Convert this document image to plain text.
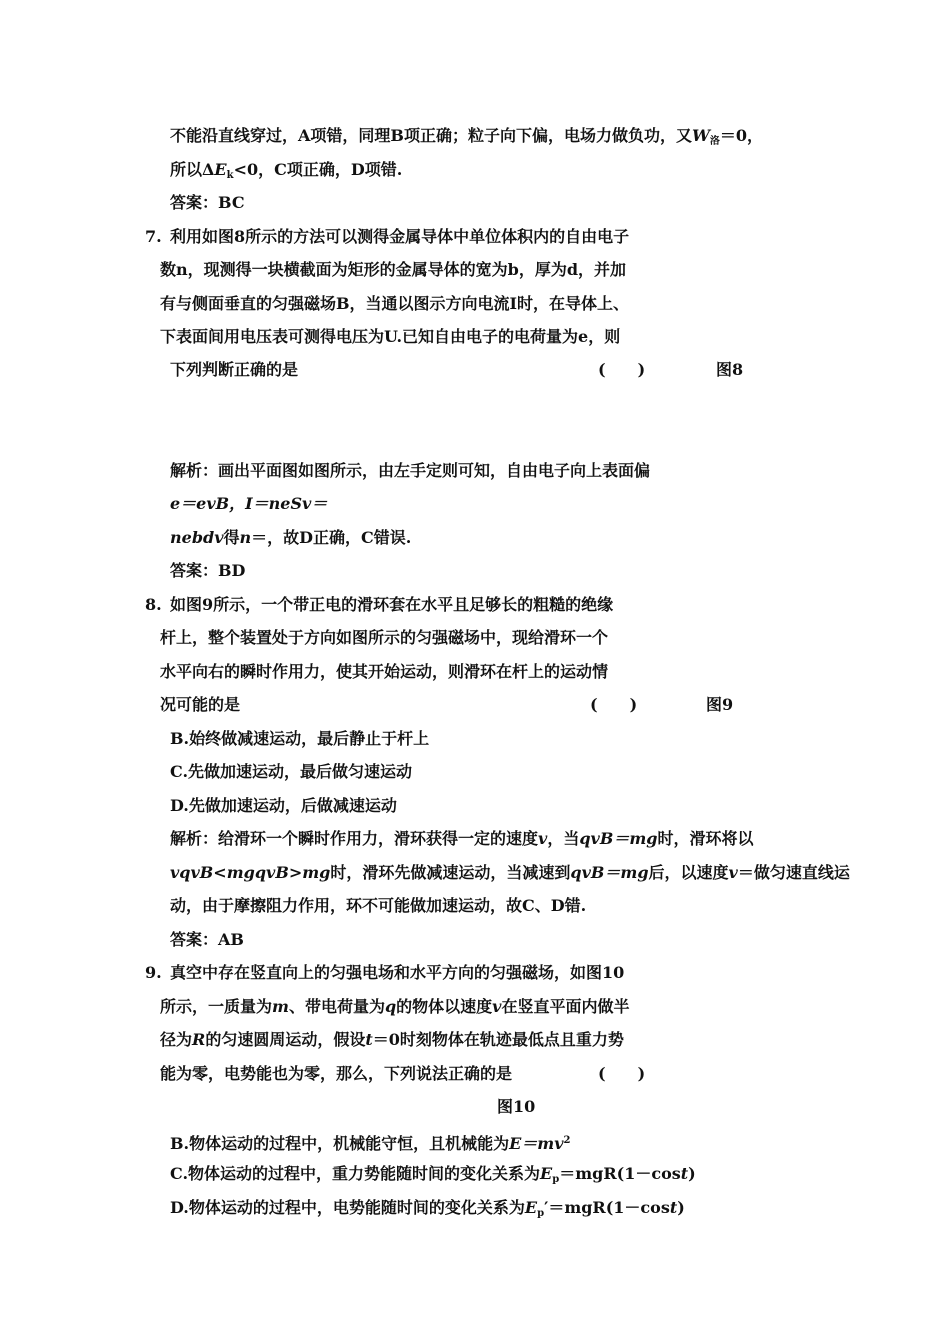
不能沿直线穿过，A项错，同理B项正确；粒子向下偏，电场力做负功，又$W_洛=0$，
所以$\Delta E_k<0$，C项正确，D项错.
答案：BC
7. 利用如图8所示的方法可以测得金属导体中单位体积内的自由电子
数n，现测得一块横截面为矩形的金属导体的宽为b，厚为d，并加
有与侧面垂直的匀强磁场B，当通以图示方向电流I时，在导体上、
下表面间用电压表可测得电压为U.已知自由电子的电荷量为e，则
下列判断正确的是	(　　)	图8
解析：画出平面图如图所示，由左手定则可知，自由电子向上表面偏
e＝evB，I＝neSv＝
nebdv得n＝，故D正确，C错误.
答案：BD
8. 如图9所示，一个带正电的滑环套在水平且足够长的粗糙的绝缘
杆上，整个装置处于方向如图所示的匀强磁场中，现给滑环一个
水平向右的瞬时作用力，使其开始运动，则滑环在杆上的运动情
况可能的是	(　　)	图9
B.始终做减速运动，最后静止于杆上
C.先做加速运动，最后做匀速运动
D.先做加速运动，后做减速运动
解析：给滑环一个瞬时作用力，滑环获得一定的速度v，当qvB＝mg时，滑环将以
vqvB<mgqvB>mg时，滑环先做减速运动，当减速到qvB＝mg后，以速度v＝做匀速直线运
动，由于摩擦阻力作用，环不可能做加速运动，故C、D错.
答案：AB
9. 真空中存在竖直向上的匀强电场和水平方向的匀强磁场，如图10
所示，一质量为m、带电荷量为q的物体以速度v在竖直平面内做半
径为R的匀速圆周运动，假设t＝0时刻物体在轨迹最低点且重力势
能为零，电势能也为零，那么，下列说法正确的是	(　　)
图10
B.物体运动的过程中，机械能守恒，且机械能为$E=mv^2$
C.物体运动的过程中，重力势能随时间的变化关系为$E_p=mgR(1-\cos t)$
D.物体运动的过程中，电势能随时间的变化关系为$E_p'=mgR(1-\cos t)$
